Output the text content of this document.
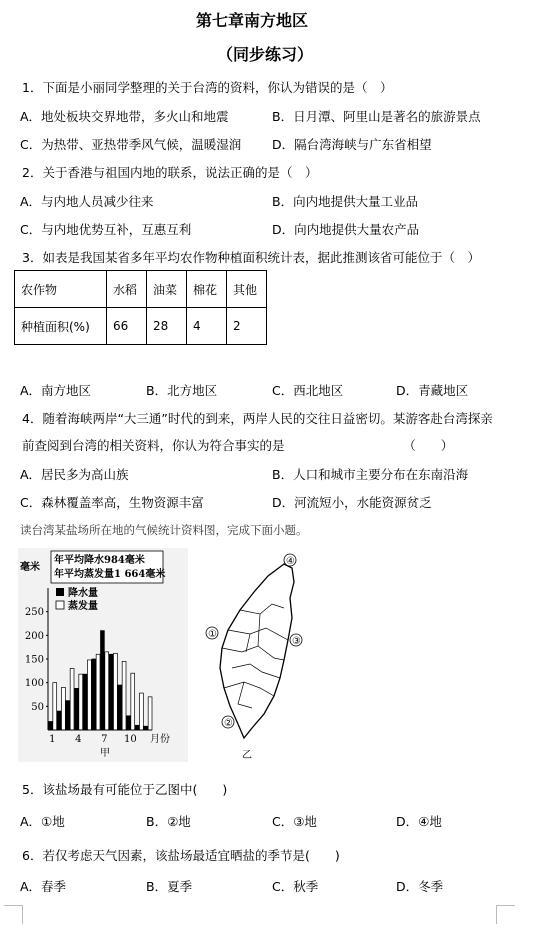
第七章南方地区
（同步练习）
1．下面是小丽同学整理的关于台湾的资料，你认为错误的是（　）
A．地处板块交界地带，多火山和地震	B．日月潭、阿里山是著名的旅游景点
C．为热带、亚热带季风气候，温暖湿润 D．隔台湾海峡与广东省相望
2．关于香港与祖国内地的联系，说法正确的是（　）
A．与内地人员减少往来	B．向内地提供大量工业品
C．与内地优势互补，互惠互利	D．向内地提供大量农产品
3．如表是我国某省多年平均农作物种植面积统计表，据此推测该省可能位于（　）
农作物	水稻	油菜	棉花	其他
种植面积(%)	66	28	4	2
A．南方地区	B．北方地区	C．西北地区	D．青藏地区
4．随着海峡两岸“大三通”时代的到来，两岸人民的交往日益密切。某游客赴台湾探亲
前查阅到台湾的相关资料，你认为符合事实的是　　　　　　　　　　（　　）
A．居民多为高山族	B．人口和城市主要分布在东南沿海
C．森林覆盖率高，生物资源丰富	D．河流短小，水能资源贫乏
读台湾某盐场所在地的气候统计资料图，完成下面小题。
毫米
年平均降水984毫米
年平均蒸发量1 664毫米
降水量
蒸发量
50
100
150
200
250
1 4 7 10 月份
甲
④
①
③
②
乙
5．该盐场最有可能位于乙图中(　　)
A．①地	B．②地	C．③地	D．④地
6．若仅考虑天气因素，该盐场最适宜晒盐的季节是(　　)
A．春季	B．夏季	C．秋季	D．冬季
